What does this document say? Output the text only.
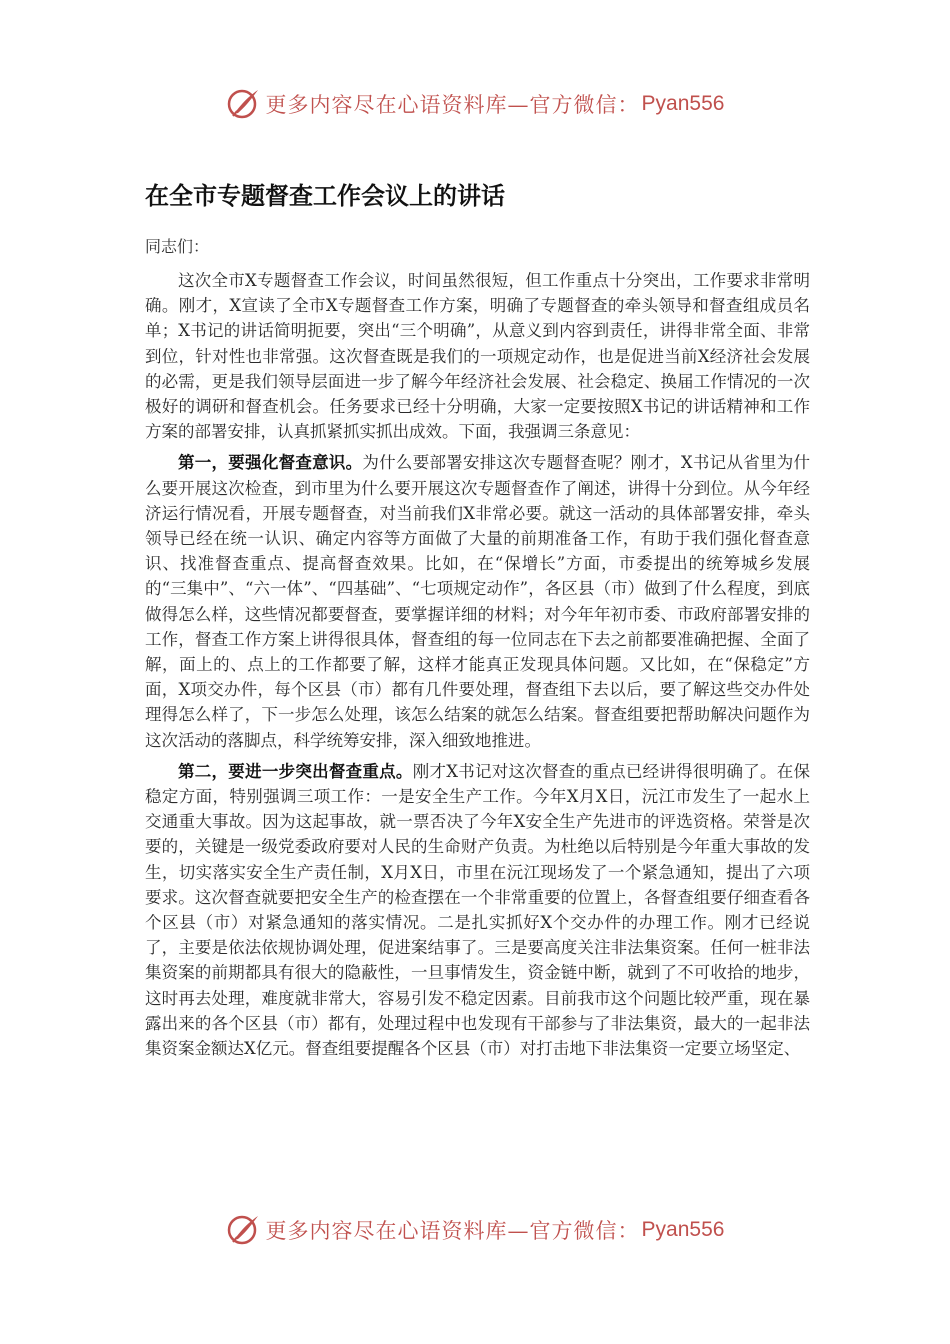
更多内容尽在心语资料库—官方微信： Pyan556
在全市专题督查工作会议上的讲话

同志们：

这次全市X专题督查工作会议，时间虽然很短，但工作重点十分突出，工作要求非常明确。刚才，X宣读了全市X专题督查工作方案，明确了专题督查的牵头领导和督查组成员名单；X书记的讲话简明扼要，突出“三个明确”，从意义到内容到责任，讲得非常全面、非常到位，针对性也非常强。这次督查既是我们的一项规定动作，也是促进当前X经济社会发展的必需，更是我们领导层面进一步了解今年经济社会发展、社会稳定、换届工作情况的一次极好的调研和督查机会。任务要求已经十分明确，大家一定要按照X书记的讲话精神和工作方案的部署安排，认真抓紧抓实抓出成效。下面，我强调三条意见：

第一，要强化督查意识。为什么要部署安排这次专题督查呢？刚才，X书记从省里为什么要开展这次检查，到市里为什么要开展这次专题督查作了阐述，讲得十分到位。从今年经济运行情况看，开展专题督查，对当前我们X非常必要。就这一活动的具体部署安排，牵头领导已经在统一认识、确定内容等方面做了大量的前期准备工作，有助于我们强化督查意识、找准督查重点、提高督查效果。比如，在“保增长”方面，市委提出的统筹城乡发展的“三集中”、“六一体”、“四基础”、“七项规定动作”，各区县（市）做到了什么程度，到底做得怎么样，这些情况都要督查，要掌握详细的材料；对今年年初市委、市政府部署安排的工作，督查工作方案上讲得很具体，督查组的每一位同志在下去之前都要准确把握、全面了解，面上的、点上的工作都要了解，这样才能真正发现具体问题。又比如，在“保稳定”方面，X项交办件，每个区县（市）都有几件要处理，督查组下去以后，要了解这些交办件处理得怎么样了，下一步怎么处理，该怎么结案的就怎么结案。督查组要把帮助解决问题作为这次活动的落脚点，科学统筹安排，深入细致地推进。

第二，要进一步突出督查重点。刚才X书记对这次督查的重点已经讲得很明确了。在保稳定方面，特别强调三项工作：一是安全生产工作。今年X月X日，沅江市发生了一起水上交通重大事故。因为这起事故，就一票否决了今年X安全生产先进市的评选资格。荣誉是次要的，关键是一级党委政府要对人民的生命财产负责。为杜绝以后特别是今年重大事故的发生，切实落实安全生产责任制，X月X日，市里在沅江现场发了一个紧急通知，提出了六项要求。这次督查就要把安全生产的检查摆在一个非常重要的位置上，各督查组要仔细查看各个区县（市）对紧急通知的落实情况。二是扎实抓好X个交办件的办理工作。刚才已经说了，主要是依法依规协调处理，促进案结事了。三是要高度关注非法集资案。任何一桩非法集资案的前期都具有很大的隐蔽性，一旦事情发生，资金链中断，就到了不可收拾的地步，这时再去处理，难度就非常大，容易引发不稳定因素。目前我市这个问题比较严重，现在暴露出来的各个区县（市）都有，处理过程中也发现有干部参与了非法集资，最大的一起非法集资案金额达X亿元。督查组要提醒各个区县（市）对打击地下非法集资一定要立场坚定、

更多内容尽在心语资料库—官方微信： Pyan556
